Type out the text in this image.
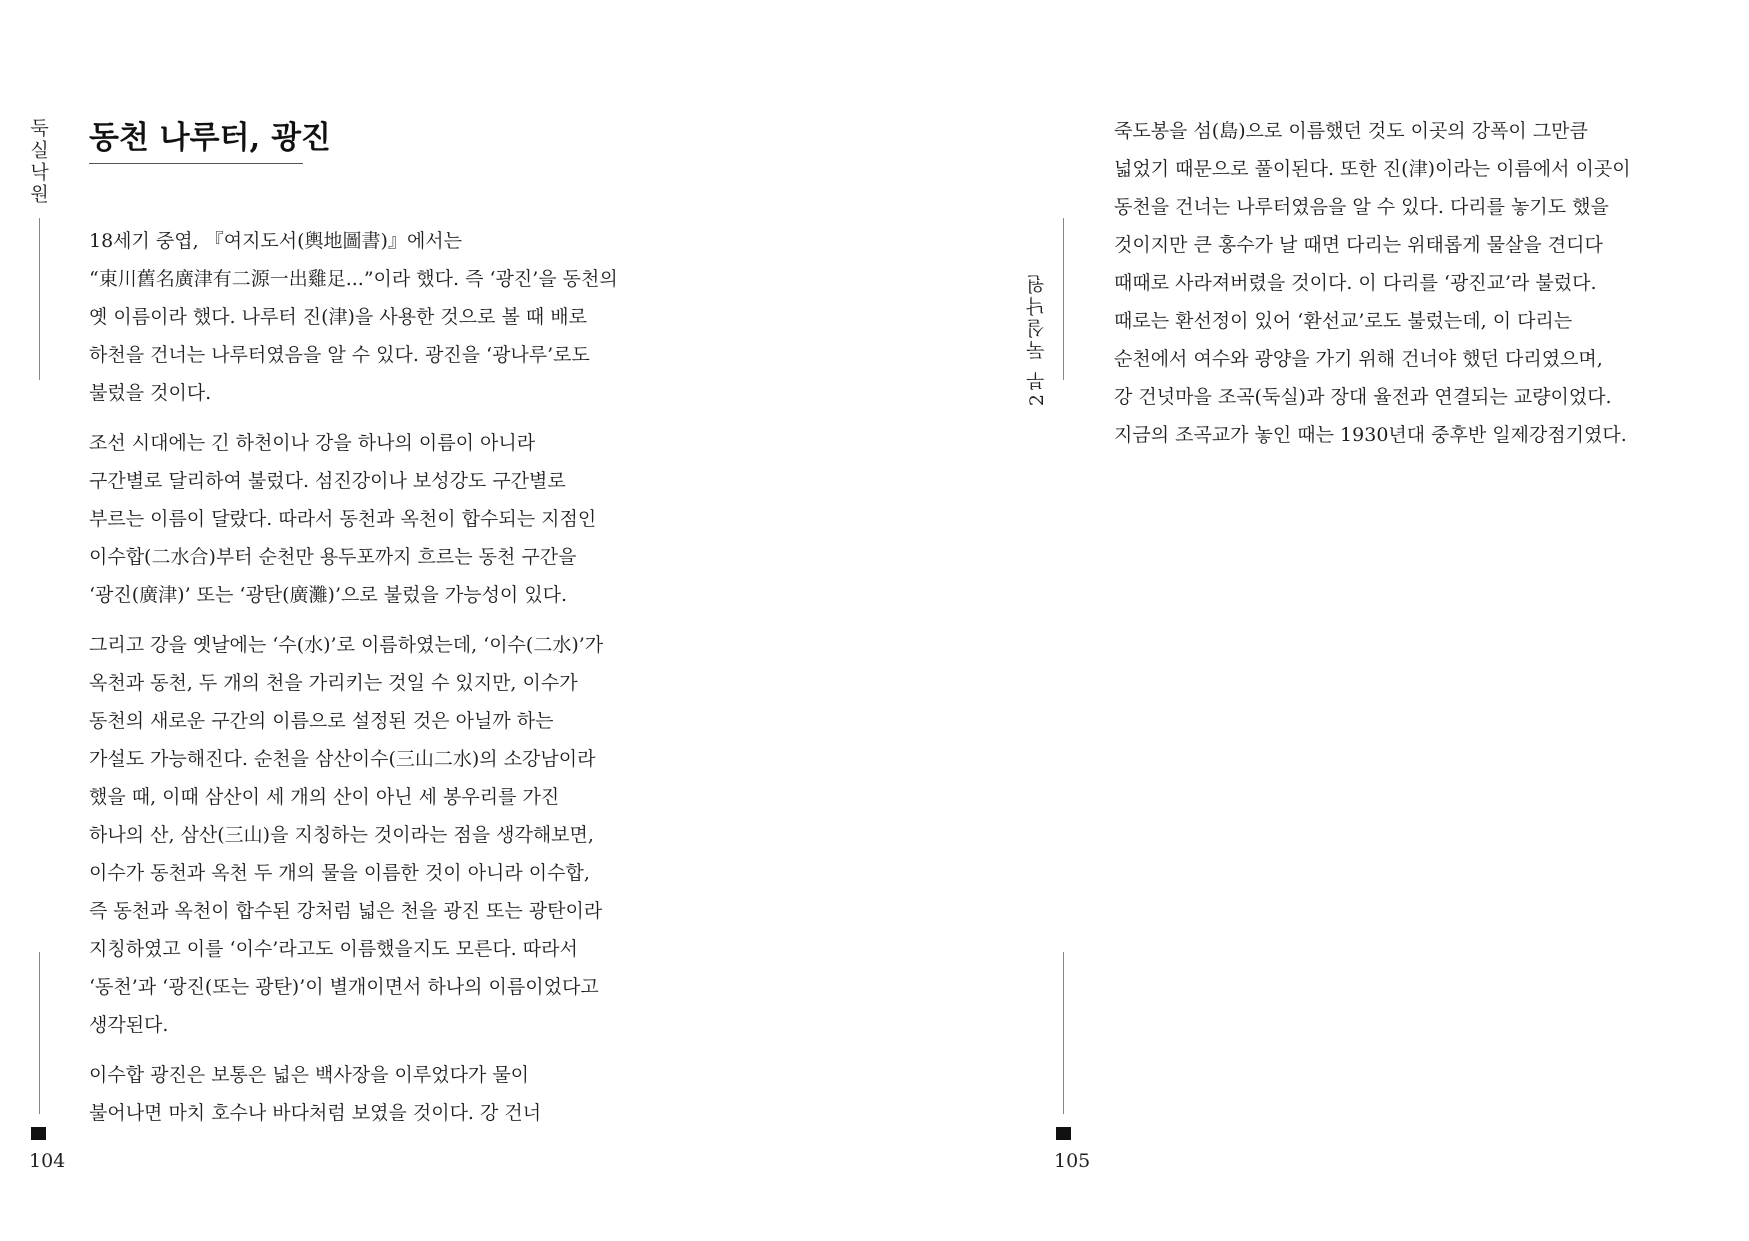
둑실낙원
104
동천 나루터, 광진
18세기 중엽, 『여지도서(輿地圖書)』에서는
“東川舊名廣津有二源一出雞足...”이라 했다. 즉 ‘광진’을 동천의
옛 이름이라 했다. 나루터 진(津)을 사용한 것으로 볼 때 배로
하천을 건너는 나루터였음을 알 수 있다. 광진을 ‘광나루’로도
불렀을 것이다.
조선 시대에는 긴 하천이나 강을 하나의 이름이 아니라
구간별로 달리하여 불렀다. 섬진강이나 보성강도 구간별로
부르는 이름이 달랐다. 따라서 동천과 옥천이 합수되는 지점인
이수합(二水合)부터 순천만 용두포까지 흐르는 동천 구간을
‘광진(廣津)’ 또는 ‘광탄(廣灘)’으로 불렀을 가능성이 있다.
그리고 강을 옛날에는 ‘수(水)’로 이름하였는데, ‘이수(二水)’가
옥천과 동천, 두 개의 천을 가리키는 것일 수 있지만, 이수가
동천의 새로운 구간의 이름으로 설정된 것은 아닐까 하는
가설도 가능해진다. 순천을 삼산이수(三山二水)의 소강남이라
했을 때, 이때 삼산이 세 개의 산이 아닌 세 봉우리를 가진
하나의 산, 삼산(三山)을 지칭하는 것이라는 점을 생각해보면,
이수가 동천과 옥천 두 개의 물을 이름한 것이 아니라 이수합,
즉 동천과 옥천이 합수된 강처럼 넓은 천을 광진 또는 광탄이라
지칭하였고 이를 ‘이수’라고도 이름했을지도 모른다. 따라서
‘동천’과 ‘광진(또는 광탄)’이 별개이면서 하나의 이름이었다고
생각된다.
이수합 광진은 보통은 넓은 백사장을 이루었다가 물이
불어나면 마치 호수나 바다처럼 보였을 것이다. 강 건너
2부 둑실낙원
105
죽도봉을 섬(島)으로 이름했던 것도 이곳의 강폭이 그만큼
넓었기 때문으로 풀이된다. 또한 진(津)이라는 이름에서 이곳이
동천을 건너는 나루터였음을 알 수 있다. 다리를 놓기도 했을
것이지만 큰 홍수가 날 때면 다리는 위태롭게 물살을 견디다
때때로 사라져버렸을 것이다. 이 다리를 ‘광진교’라 불렀다.
때로는 환선정이 있어 ‘환선교’로도 불렀는데, 이 다리는
순천에서 여수와 광양을 가기 위해 건너야 했던 다리였으며,
강 건넛마을 조곡(둑실)과 장대 율전과 연결되는 교량이었다.
지금의 조곡교가 놓인 때는 1930년대 중후반 일제강점기였다.
